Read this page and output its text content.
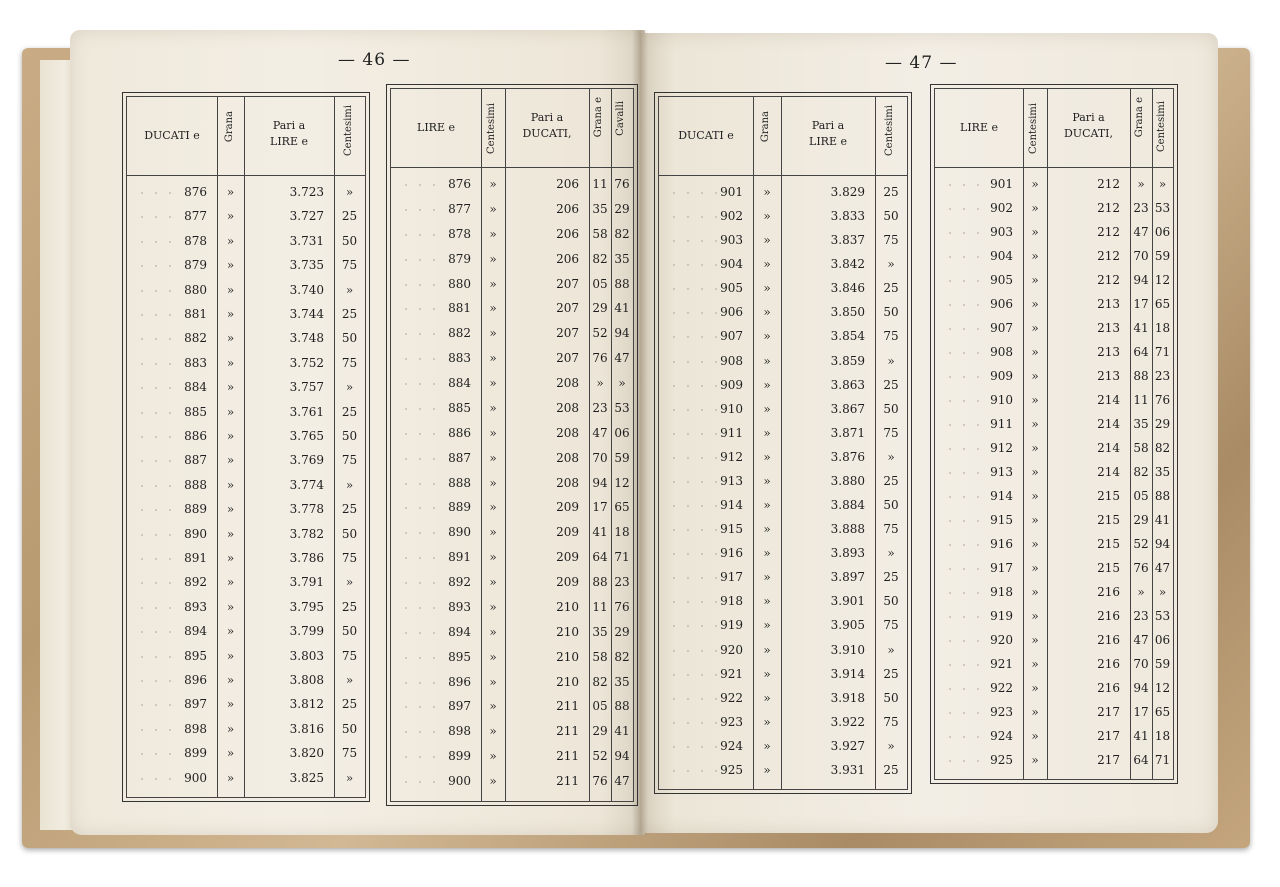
— 46 —	— 47 —
DUCATI e	Grana	Pari a
LIRE e	Centesimi
876	»	3.723	»
877	»	3.727	25
878	»	3.731	50
879	»	3.735	75
880	»	3.740	»
881	»	3.744	25
882	»	3.748	50
883	»	3.752	75
884	»	3.757	»
885	»	3.761	25
886	»	3.765	50
887	»	3.769	75
888	»	3.774	»
889	»	3.778	25
890	»	3.782	50
891	»	3.786	75
892	»	3.791	»
893	»	3.795	25
894	»	3.799	50
895	»	3.803	75
896	»	3.808	»
897	»	3.812	25
898	»	3.816	50
899	»	3.820	75
900	»	3.825	»
LIRE e	Centesimi	Pari a
DUCATI,	Grana e Cavalli
876	»	206 11 76
877	»	206 35 29
878	»	206 58 82
879	»	206 82 35
880	»	207 05 88
881	»	207 29 41
882	»	207 52 94
883	»	207 76 47
884	»	208	»	»
885	»	208 23 53
886	»	208 47 06
887	»	208 70 59
888	»	208 94 12
889	»	209 17 65
890	»	209 41 18
891	»	209 64 71
892	»	209 88 23
893	»	210 11 76
894	»	210 35 29
895	»	210 58 82
896	»	210 82 35
897	»	211 05 88
898	»	211 29 41
899	»	211 52 94
900	»	211 76 47
DUCATI e	Grana	Pari a
LIRE e	Centesimi
901	»	3.829	25
902	»	3.833	50
903	»	3.837	75
904	»	3.842	»
905	»	3.846	25
906	»	3.850	50
907	»	3.854	75
908	»	3.859	»
909	»	3.863	25
910	»	3.867	50
911	»	3.871	75
912	»	3.876	»
913	»	3.880	25
914	»	3.884	50
915	»	3.888	75
916	»	3.893	»
917	»	3.897	25
918	»	3.901	50
919	»	3.905	75
920	»	3.910	»
921	»	3.914	25
922	»	3.918	50
923	»	3.922	75
924	»	3.927	»
925	»	3.931	25
LIRE e	Centesimi	Pari a
DUCATI,	Grana e Centesimi
901	»	212	»	»
902	»	212 23 53
903	»	212 47 06
904	»	212 70 59
905	»	212 94 12
906	»	213 17 65
907	»	213 41 18
908	»	213 64 71
909	»	213 88 23
910	»	214 11 76
911	»	214 35 29
912	»	214 58 82
913	»	214 82 35
914	»	215 05 88
915	»	215 29 41
916	»	215 52 94
917	»	215 76 47
918	»	216	»	»
919	»	216 23 53
920	»	216 47 06
921	»	216 70 59
922	»	216 94 12
923	»	217 17 65
924	»	217 41 18
925	»	217 64 71
